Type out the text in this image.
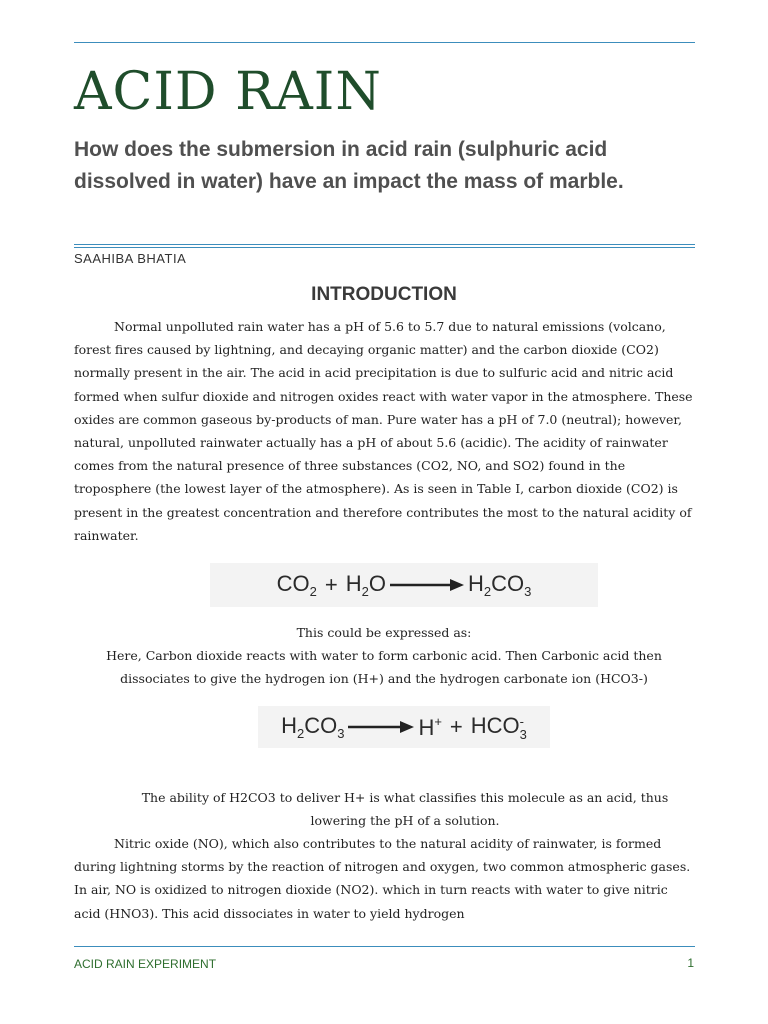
ACID RAIN

How does the submersion in acid rain (sulphuric acid dissolved in water) have an impact the mass of marble.

SAAHIBA BHATIA
INTRODUCTION

Normal unpolluted rain water has a pH of 5.6 to 5.7 due to natural emissions (volcano, forest fires caused by lightning, and decaying organic matter) and the carbon dioxide (CO2) normally present in the air. The acid in acid precipitation is due to sulfuric acid and nitric acid formed when sulfur dioxide and nitrogen oxides react with water vapor in the atmosphere. These oxides are common gaseous by-products of man. Pure water has a pH of 7.0 (neutral); however, natural, unpolluted rainwater actually has a pH of about 5.6 (acidic). The acidity of rainwater comes from the natural presence of three substances (CO2, NO, and SO2) found in the troposphere (the lowest layer of the atmosphere). As is seen in Table I, carbon dioxide (CO2) is present in the greatest concentration and therefore contributes the most to the natural acidity of rainwater.

$CO_2 + H_2O \to H_2CO_3$

This could be expressed as:

Here, Carbon dioxide reacts with water to form carbonic acid. Then Carbonic acid then dissociates to give the hydrogen ion (H+) and the hydrogen carbonate ion (HCO3-)

$H_2CO_3 \to H^+$ + HCO -
3

The ability of H2CO3 to deliver H+ is what classifies this molecule as an acid, thus lowering the pH of a solution.

Nitric oxide (NO), which also contributes to the natural acidity of rainwater, is formed during lightning storms by the reaction of nitrogen and oxygen, two common atmospheric gases. In air, NO is oxidized to nitrogen dioxide (NO2). which in turn reacts with water to give nitric acid (HNO3). This acid dissociates in water to yield hydrogen

ACID RAIN EXPERIMENT	1
